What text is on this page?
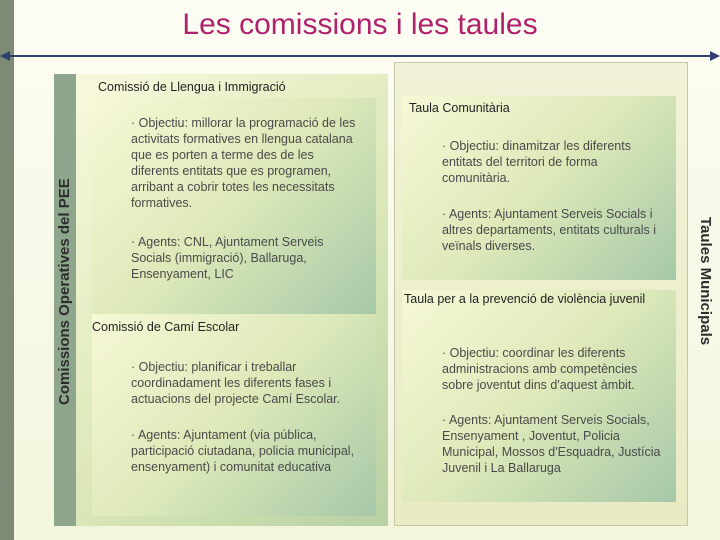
Les comissions i les taules
Comissions Operatives del PEE	Taules Municipals
Comissió de Llengua i Immigració
· Objectiu: millorar la programació de les activitats formatives en llengua catalana que es porten a terme des de les diferents entitats que es programen, arribant a cobrir totes les necessitats formatives.
· Agents: CNL, Ajuntament Serveis Socials (immigració), Ballaruga, Ensenyament, LIC
Comissió de Camí Escolar
· Objectiu: planificar i treballar coordinadament les diferents fases i actuacions del projecte Camí Escolar.
· Agents: Ajuntament (via pública, participació ciutadana, policia municipal, ensenyament) i comunitat educativa
Taula Comunitària
· Objectiu: dinamitzar les diferents entitats del territori de forma comunitària.
· Agents: Ajuntament Serveis Socials i altres departaments, entitats culturals i veïnals diverses.
Taula per a la prevenció de violència juvenil
· Objectiu: coordinar les diferents administracions amb competències sobre joventut dins d'aquest àmbit.
· Agents: Ajuntament Serveis Socials, Ensenyament , Joventut, Policia Municipal, Mossos d'Esquadra, Justícia Juvenil i La Ballaruga
